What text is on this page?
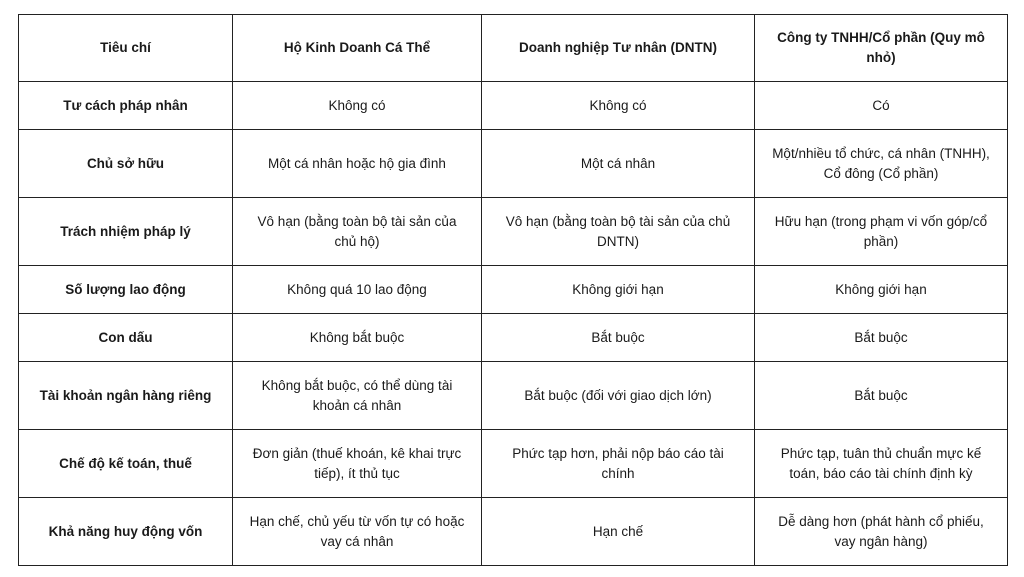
Tiêu chí	Hộ Kinh Doanh Cá Thể	Doanh nghiệp Tư nhân (DNTN)	Công ty TNHH/Cổ phần (Quy mô nhỏ)
Tư cách pháp nhân	Không có	Không có	Có
Chủ sở hữu	Một cá nhân hoặc hộ gia đình	Một cá nhân	Một/nhiều tổ chức, cá nhân (TNHH), Cổ đông (Cổ phần)
Trách nhiệm pháp lý	Vô hạn (bằng toàn bộ tài sản của chủ hộ)	Vô hạn (bằng toàn bộ tài sản của chủ DNTN)	Hữu hạn (trong phạm vi vốn góp/cổ phần)
Số lượng lao động	Không quá 10 lao động	Không giới hạn	Không giới hạn
Con dấu	Không bắt buộc	Bắt buộc	Bắt buộc
Tài khoản ngân hàng riêng	Không bắt buộc, có thể dùng tài khoản cá nhân	Bắt buộc (đối với giao dịch lớn)	Bắt buộc
Chế độ kế toán, thuế	Đơn giản (thuế khoán, kê khai trực tiếp), ít thủ tục	Phức tạp hơn, phải nộp báo cáo tài chính	Phức tạp, tuân thủ chuẩn mực kế toán, báo cáo tài chính định kỳ
Khả năng huy động vốn	Hạn chế, chủ yếu từ vốn tự có hoặc vay cá nhân	Hạn chế	Dễ dàng hơn (phát hành cổ phiếu, vay ngân hàng)
